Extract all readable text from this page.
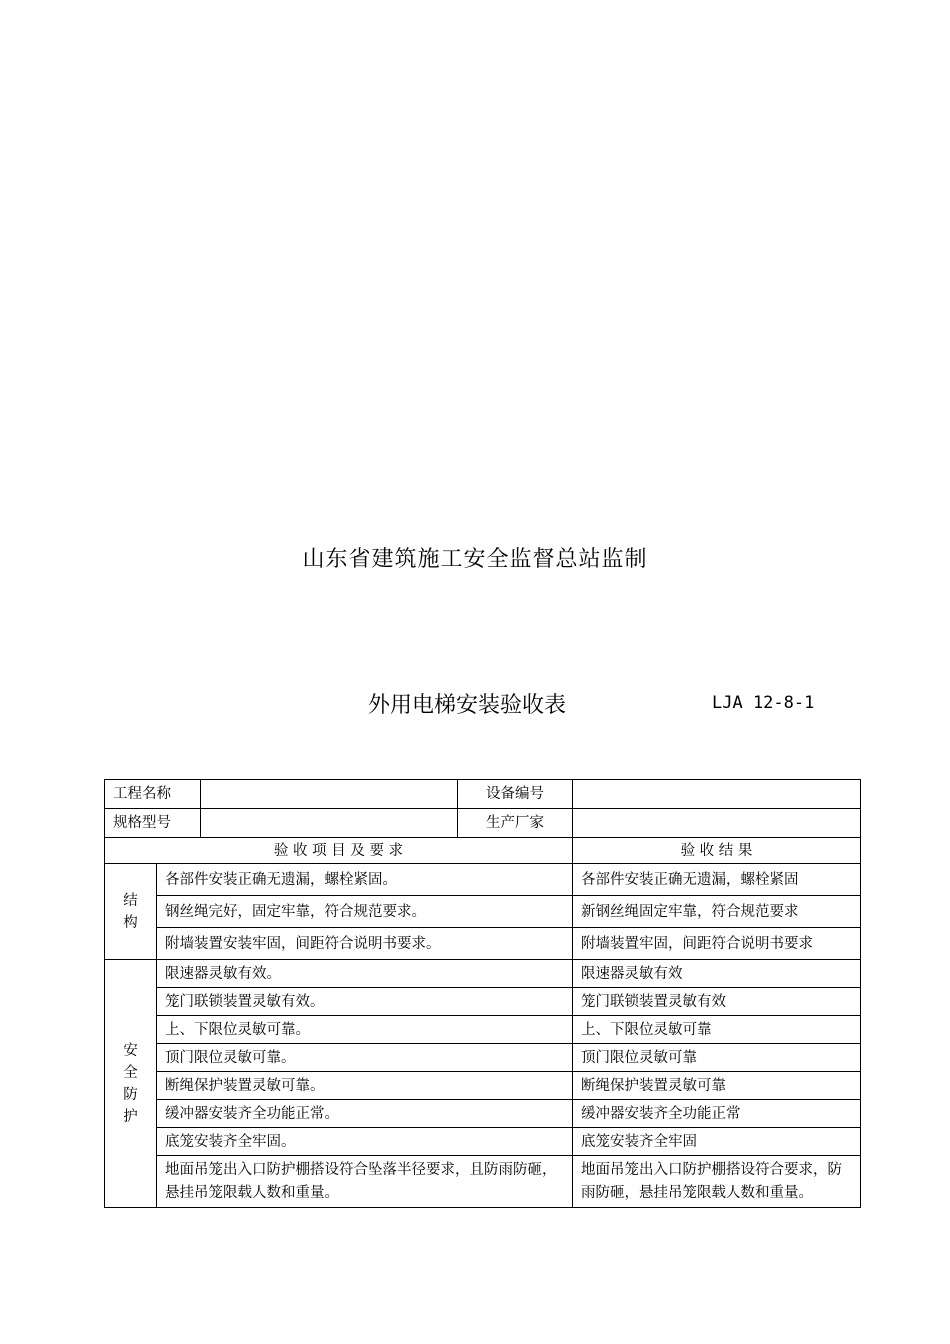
山东省建筑施工安全监督总站监制
外用电梯安装验收表	LJA 12-8-1
工程名称			设备编号	
规格型号			生产厂家	
验 收 项 目 及 要 求				验 收 结 果

结
构	各部件安装正确无遗漏，螺栓紧固。			各部件安装正确无遗漏，螺栓紧固
	钢丝绳完好，固定牢靠，符合规范要求。			新钢丝绳固定牢靠，符合规范要求
	附墙装置安装牢固，间距符合说明书要求。			附墙装置牢固，间距符合说明书要求

安
全
防
护	限速器灵敏有效。			限速器灵敏有效
	笼门联锁装置灵敏有效。			笼门联锁装置灵敏有效
	上、下限位灵敏可靠。			上、下限位灵敏可靠
	顶门限位灵敏可靠。			顶门限位灵敏可靠
	断绳保护装置灵敏可靠。			断绳保护装置灵敏可靠
	缓冲器安装齐全功能正常。			缓冲器安装齐全功能正常
	底笼安装齐全牢固。			底笼安装齐全牢固
	地面吊笼出入口防护棚搭设符合坠落半径要求，且防雨防砸，悬挂吊笼限载人数和重量。			地面吊笼出入口防护棚搭设符合要求，防雨防砸，悬挂吊笼限载人数和重量。
